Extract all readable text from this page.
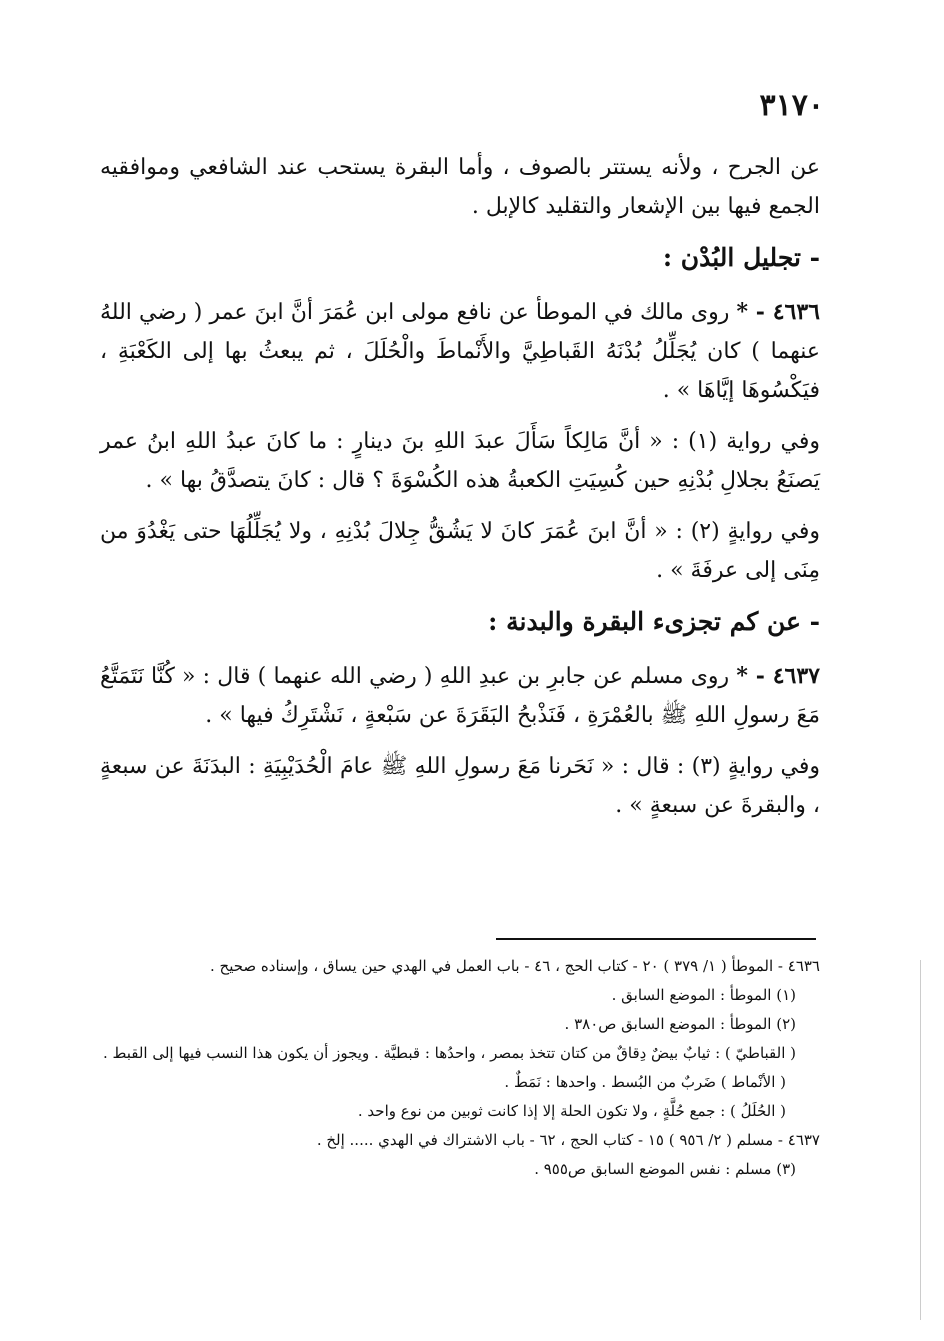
٣١٧٠

عن الجرح ، ولأنه يستتر بالصوف ، وأما البقرة يستحب عند الشافعي وموافقيه الجمع فيها بين الإشعار والتقليد كالإبل .

- تجليل البُدْن :

٤٦٣٦ - * روى مالك في الموطأ عن نافع مولى ابن عُمَرَ أنَّ ابنَ عمر ( رضي اللهُ عنهما ) كان يُجَلِّلُ بُدْنَهُ القَباطِيَّ والأَنْماطَ والْحُلَلَ ، ثم يبعثُ بها إلى الكَعْبَةِ ، فيَكْسُوهَا إيَّاهَا » .

وفي رواية (١) : « أنَّ مَالِكاً سَأَلَ عبدَ اللهِ بنَ دينارٍ : ما كانَ عبدُ اللهِ ابنُ عمر يَصنَعُ بجلالِ بُدْنِهِ حين كُسِيَتِ الكعبةُ هذه الكُسْوَةَ ؟ قال : كانَ يتصدَّقُ بها » .

وفي روايةٍ (٢) : « أنَّ ابنَ عُمَرَ كانَ لا يَشُقُّ جِلالَ بُدْنِهِ ، ولا يُجَلِّلُهَا حتى يَغْدُوَ من مِنَى إلى عرفَةَ » .

- عن كم تجزىء البقرة والبدنة :

٤٦٣٧ - * روى مسلم عن جابرِ بن عبدِ اللهِ ( رضي الله عنهما ) قال : « كُنَّا نَتَمَتَّعُ مَعَ رسولِ اللهِ ﷺ بالعُمْرَةِ ، فَنَذْبحُ البَقَرَةَ عن سَبْعةٍ ، نَشْتَرِكُ فيها » .

وفي روايةٍ (٣) : قال : « نَحَرنا مَعَ رسولِ اللهِ ﷺ عامَ الْحُدَيْبِيَةِ : البدَنَةَ عن سبعةٍ ، والبقرةَ عن سبعةٍ » .

٤٦٣٦ - الموطأ ( ١/ ٣٧٩ ) ٢٠ - كتاب الحج ، ٤٦ - باب العمل في الهدي حين يساق ، وإسناده صحيح .
(١) الموطأ : الموضع السابق .
(٢) الموطأ : الموضع السابق ص٣٨٠ .
( القباطيّ ) : ثيابٌ بيضٌ دِقاقٌ من كتان تتخذ بمصر ، واحدُها : قبطيَّة . ويجوز أن يكون هذا النسب فيها إلى القبط .
( الأنْماط ) ضَربٌ من البُسط . واحدها : نَمَطٌ .
( الحُلَلُ ) : جمع حُلَّةٍ ، ولا تكون الحلة إلا إذا كانت ثوبين من نوع واحد .
٤٦٣٧ - مسلم ( ٢/ ٩٥٦ ) ١٥ - كتاب الحج ، ٦٢ - باب الاشتراك في الهدي ..... إلخ .
(٣) مسلم : نفس الموضع السابق ص٩٥٥ .
